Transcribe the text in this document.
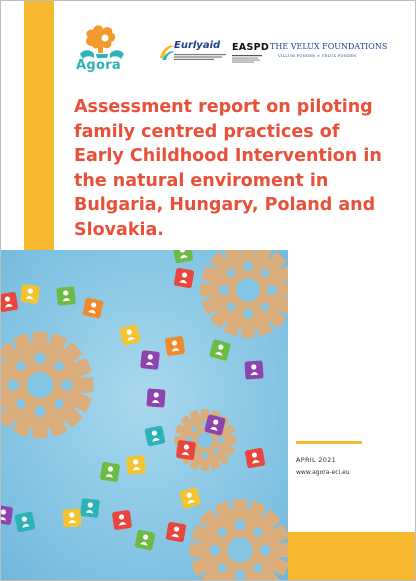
Agora
Eurlyaid EASPD THE VELUX FOUNDATIONS
VILLUM FONDEN ✕ VELUX FONDEN
Assessment report on piloting family centred practices of Early Childhood Intervention in the natural enviroment in Bulgaria, Hungary, Poland and Slovakia.
APRIL 2021
www.agora-eci.eu
